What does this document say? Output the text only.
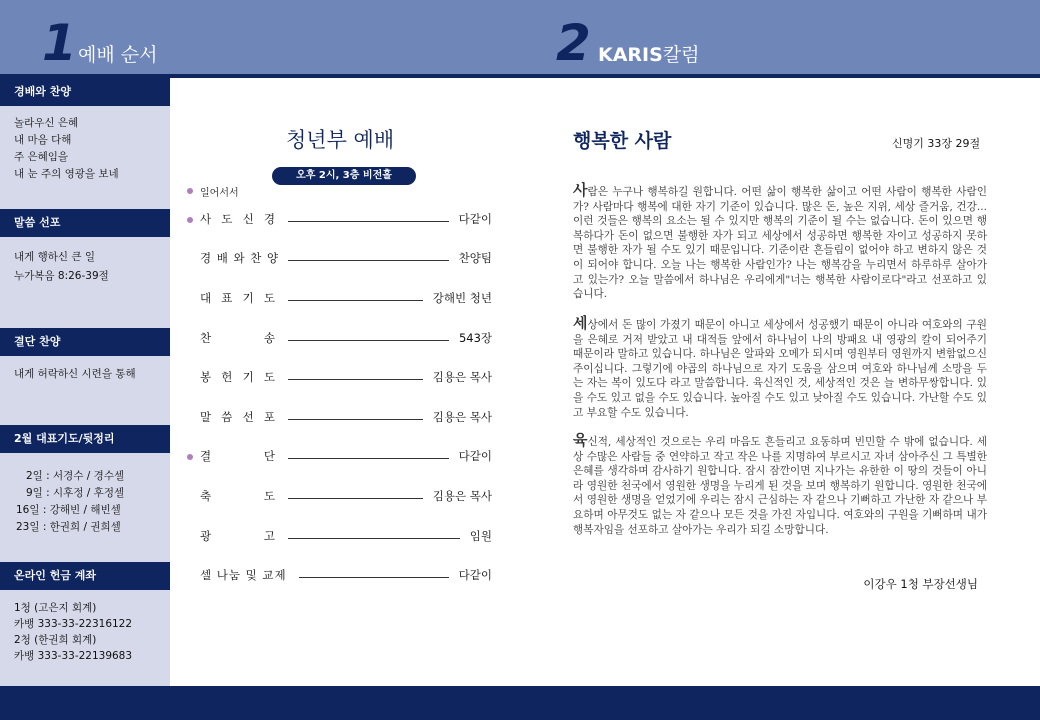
1 예배 순서	2 KARIS칼럼
경배와 찬양
놀라우신 은혜
내 마음 다해
주 은혜임을
내 눈 주의 영광을 보네
말씀 선포
내게 행하신 큰 일
누가복음 8:26-39절
결단 찬양
내게 허락하신 시련을 통해
2월 대표기도/뒷정리
2일 : 서경수 / 경수셀
9일 : 시후정 / 후정셀
16일 : 강해빈 / 해빈셀
23일 : 한권희 / 권희셀
온라인 헌금 계좌
1청 (고은지 회계)
카뱅 333-33-22316122
2청 (한권희 회계)
카뱅 333-33-22139683
청년부 예배
오후 2시, 3층 비전홀
일어서서
사 도 신 경	다같이
경 배 와 찬 양	찬양팀
대 표 기 도	강해빈 청년
찬 송	543장
봉 헌 기 도	김용은 목사
말 씀 선 포	김용은 목사
결 단	다같이
축 도	김용은 목사
광 고	임원
셀 나눔 및 교제	다같이
행복한 사람	신명기 33장 29절
사람은 누구나 행복하길 원합니다. 어떤 삶이 행복한 삶이고 어떤 사람이 행복한 사람인가? 사람마다 행복에 대한 자기 기준이 있습니다. 많은 돈, 높은 지위, 세상 즐거움, 건강... 이런 것들은 행복의 요소는 될 수 있지만 행복의 기준이 될 수는 없습니다. 돈이 있으면 행복하다가 돈이 없으면 불행한 자가 되고 세상에서 성공하면 행복한 자이고 성공하지 못하면 불행한 자가 될 수도 있기 때문입니다. 기준이란 흔들림이 없어야 하고 변하지 않은 것이 되어야 합니다. 오늘 나는 행복한 사람인가? 나는 행복감을 누리면서 하루하루 살아가고 있는가? 오늘 말씀에서 하나님은 우리에게"너는 행복한 사람이로다"라고 선포하고 있습니다.
세상에서 돈 많이 가졌기 때문이 아니고 세상에서 성공했기 때문이 아니라 여호와의 구원을 은혜로 거저 받았고 내 대적들 앞에서 하나님이 나의 방패요 내 영광의 칼이 되어주기 때문이라 말하고 있습니다. 하나님은 알파와 오메가 되시며 영원부터 영원까지 변함없으신 주이십니다. 그렇기에 야곱의 하나님으로 자기 도움을 삼으며 여호와 하나님께 소망을 두는 자는 복이 있도다 라고 말씀합니다. 육신적인 것, 세상적인 것은 늘 변하무쌍합니다. 있을 수도 있고 없을 수도 있습니다. 높아질 수도 있고 낮아질 수도 있습니다. 가난할 수도 있고 부요할 수도 있습니다.
육신적, 세상적인 것으로는 우리 마음도 흔들리고 요동하며 빈민할 수 밖에 없습니다. 세상 수많은 사람들 중 연약하고 작고 작은 나를 지명하여 부르시고 자녀 삼아주신 그 특별한 은혜를 생각하며 감사하기 원합니다. 잠시 잠깐이면 지나가는 유한한 이 땅의 것들이 아니라 영원한 천국에서 영원한 생명을 누리게 된 것을 보며 행복하기 원합니다. 영원한 천국에서 영원한 생명을 얻었기에 우리는 잠시 근심하는 자 같으나 기뻐하고 가난한 자 같으나 부요하며 아무것도 없는 자 같으나 모든 것을 가진 자입니다. 여호와의 구원을 기뻐하며 내가 행복자임을 선포하고 살아가는 우리가 되길 소망합니다.
이강우 1청 부장선생님
